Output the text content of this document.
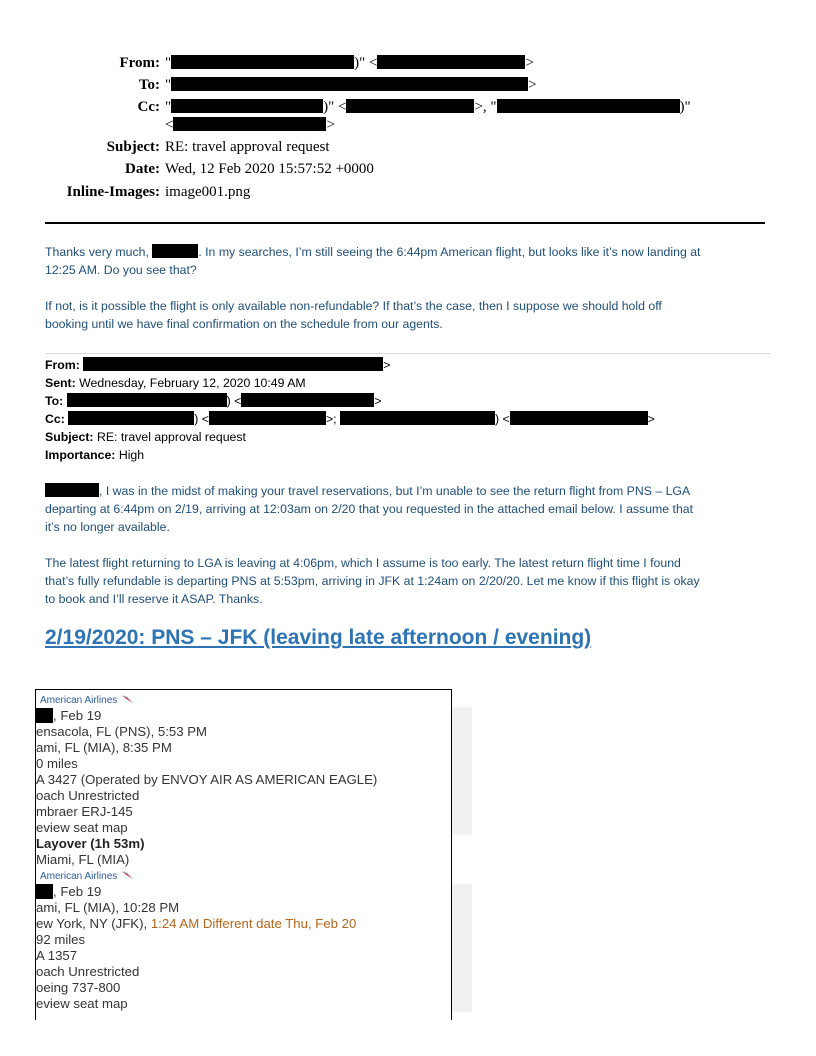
From: "	)" <	>
To: "	>
Cc: "	)" <	>, "	)"
<	>
Subject: RE: travel approval request
Date: Wed, 12 Feb 2020 15:57:52 +0000
Inline-Images: image001.png
Thanks very much,	. In my searches, I’m still seeing the 6:44pm American flight, but looks like it’s now landing at
12:25 AM. Do you see that?
If not, is it possible the flight is only available non-refundable? If that’s the case, then I suppose we should hold off
booking until we have final confirmation on the schedule from our agents.
From:	>
Sent: Wednesday, February 12, 2020 10:49 AM
To:	) <	>
Cc:	) <	>;	) <	>
Subject: RE: travel approval request
Importance: High
, I was in the midst of making your travel reservations, but I’m unable to see the return flight from PNS – LGA
departing at 6:44pm on 2/19, arriving at 12:03am on 2/20 that you requested in the attached email below. I assume that
it’s no longer available.
The latest flight returning to LGA is leaving at 4:06pm, which I assume is too early. The latest return flight time I found
that’s fully refundable is departing PNS at 5:53pm, arriving in JFK at 1:24am on 2/20/20. Let me know if this flight is okay
to book and I’ll reserve it ASAP. Thanks.
2/19/2020: PNS – JFK (leaving late afternoon / evening)
American Airlines
, Feb 19
ensacola, FL (PNS), 5:53 PM
ami, FL (MIA), 8:35 PM
0 miles
A 3427 (Operated by ENVOY AIR AS AMERICAN EAGLE)
oach Unrestricted
mbraer ERJ-145
eview seat map
Layover (1h 53m)
Miami, FL (MIA)
American Airlines
, Feb 19
ami, FL (MIA), 10:28 PM
ew York, NY (JFK), 1:24 AM Different date Thu, Feb 20
92 miles
A 1357
oach Unrestricted
oeing 737-800
eview seat map
